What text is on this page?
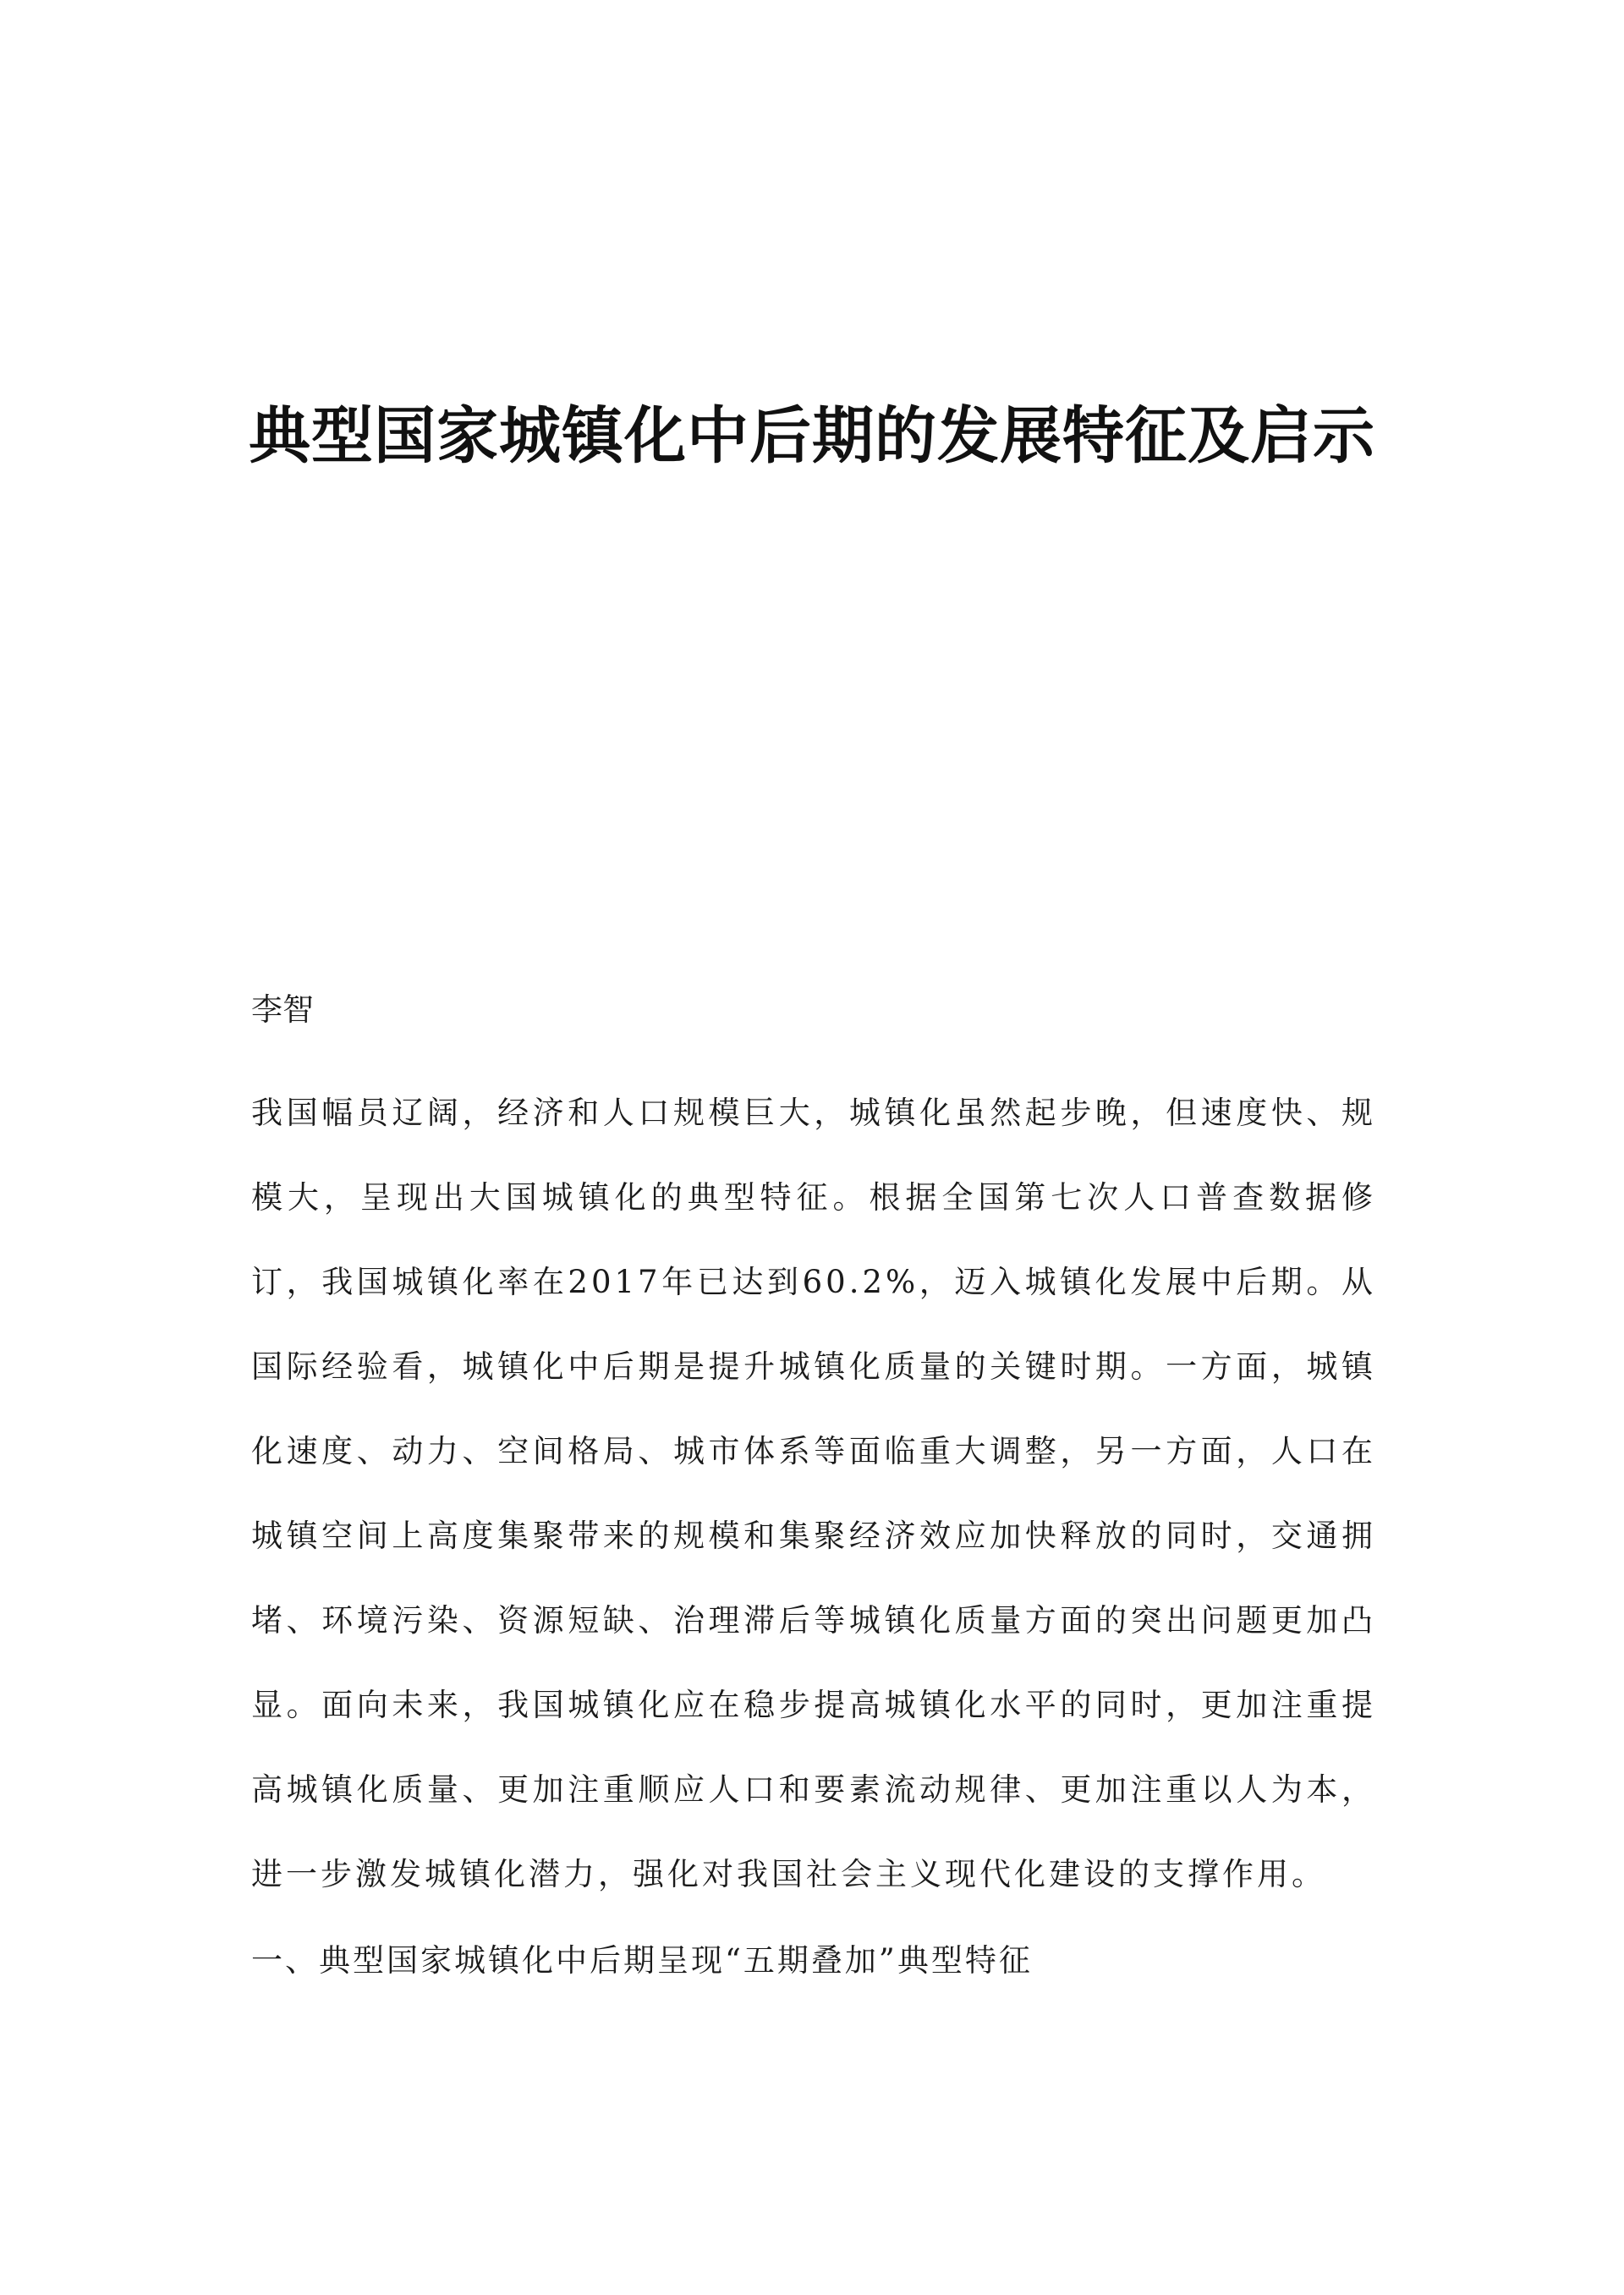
典型国家城镇化中后期的发展特征及启示

李智

我国幅员辽阔，经济和人口规模巨大，城镇化虽然起步晚，但速度快、规模大，呈现出大国城镇化的典型特征。根据全国第七次人口普查数据修订，我国城镇化率在2017年已达到60.2%，迈入城镇化发展中后期。从国际经验看，城镇化中后期是提升城镇化质量的关键时期。一方面，城镇化速度、动力、空间格局、城市体系等面临重大调整，另一方面，人口在城镇空间上高度集聚带来的规模和集聚经济效应加快释放的同时，交通拥堵、环境污染、资源短缺、治理滞后等城镇化质量方面的突出问题更加凸显。面向未来，我国城镇化应在稳步提高城镇化水平的同时，更加注重提高城镇化质量、更加注重顺应人口和要素流动规律、更加注重以人为本，进一步激发城镇化潜力，强化对我国社会主义现代化建设的支撑作用。

一、典型国家城镇化中后期呈现“五期叠加”典型特征
